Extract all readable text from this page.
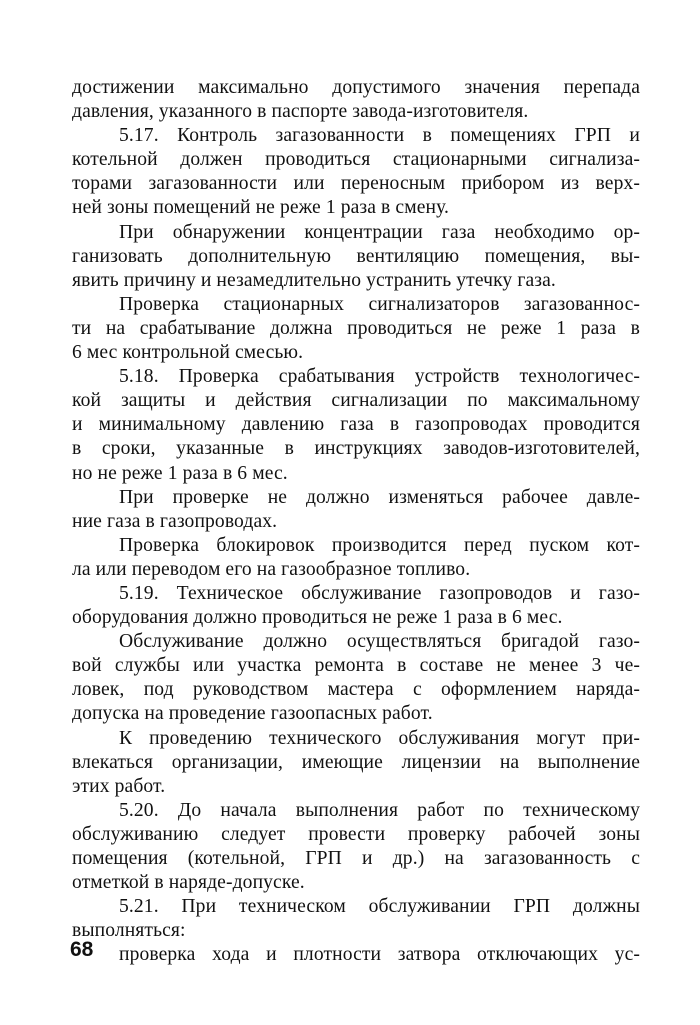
достижении максимально допустимого значения перепада
давления, указанного в паспорте завода-изготовителя.
5.17. Контроль загазованности в помещениях ГРП и
котельной должен проводиться стационарными сигнализа-
торами загазованности или переносным прибором из верх-
ней зоны помещений не реже 1 раза в смену.
При обнаружении концентрации газа необходимо ор-
ганизовать дополнительную вентиляцию помещения, вы-
явить причину и незамедлительно устранить утечку газа.
Проверка стационарных сигнализаторов загазованнос-
ти на срабатывание должна проводиться не реже 1 раза в
6 мес контрольной смесью.
5.18. Проверка срабатывания устройств технологичес-
кой защиты и действия сигнализации по максимальному
и минимальному давлению газа в газопроводах проводится
в сроки, указанные в инструкциях заводов-изготовителей,
но не реже 1 раза в 6 мес.
При проверке не должно изменяться рабочее давле-
ние газа в газопроводах.
Проверка блокировок производится перед пуском кот-
ла или переводом его на газообразное топливо.
5.19. Техническое обслуживание газопроводов и газо-
оборудования должно проводиться не реже 1 раза в 6 мес.
Обслуживание должно осуществляться бригадой газо-
вой службы или участка ремонта в составе не менее 3 че-
ловек, под руководством мастера с оформлением наряда-
допуска на проведение газоопасных работ.
К проведению технического обслуживания могут при-
влекаться организации, имеющие лицензии на выполнение
этих работ.
5.20. До начала выполнения работ по техническому
обслуживанию следует провести проверку рабочей зоны
помещения (котельной, ГРП и др.) на загазованность с
отметкой в наряде-допуске.
5.21. При техническом обслуживании ГРП должны
выполняться:
проверка хода и плотности затвора отключающих ус-
68
